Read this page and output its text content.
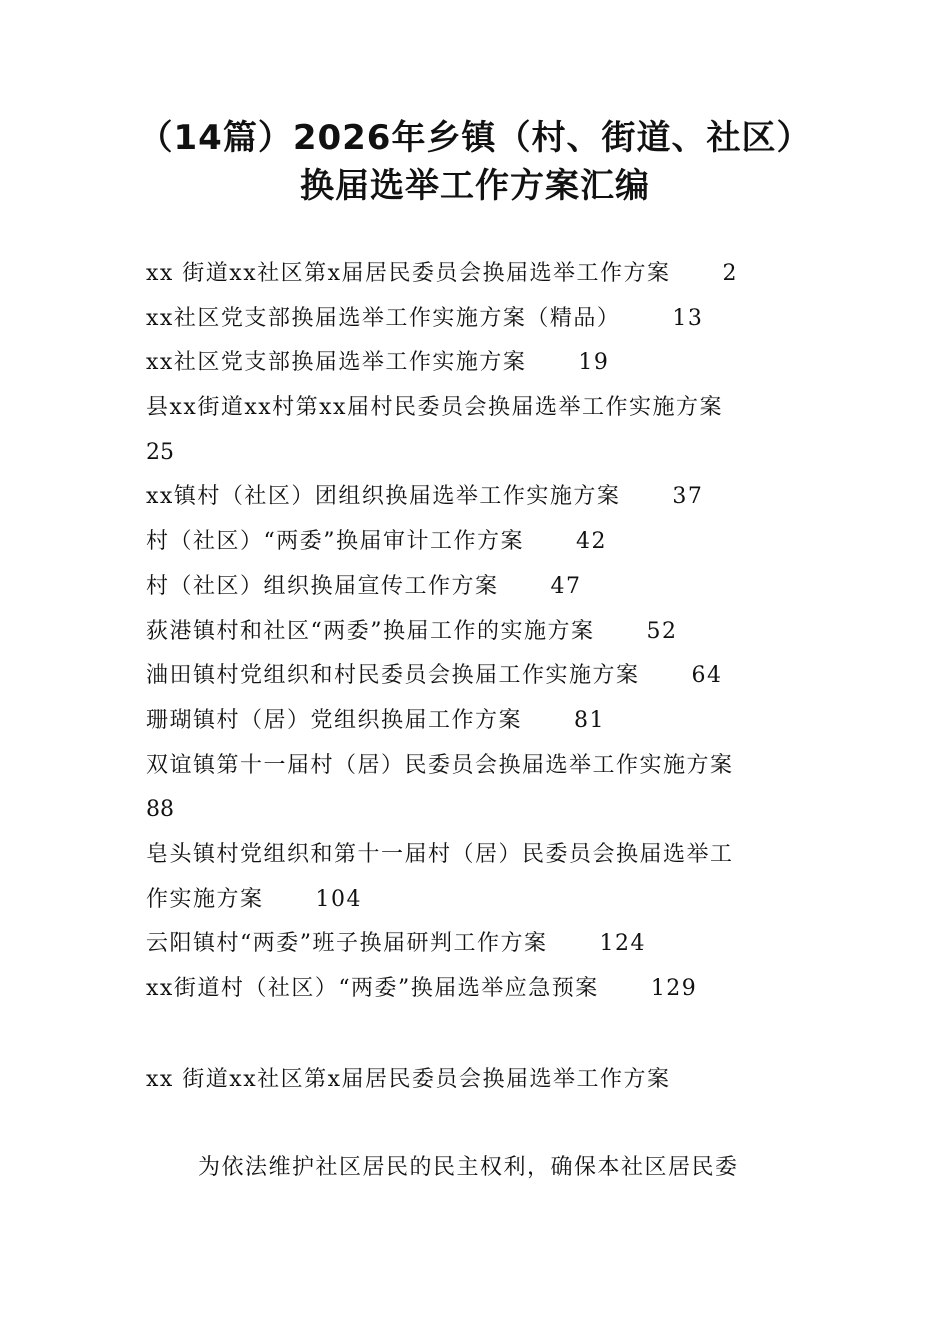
（14篇）2026年乡镇（村、街道、社区）
换届选举工作方案汇编
xx 街道xx社区第x届居民委员会换届选举工作方案 2
xx社区党支部换届选举工作实施方案（精品） 13
xx社区党支部换届选举工作实施方案 19
县xx街道xx村第xx届村民委员会换届选举工作实施方案
25
xx镇村（社区）团组织换届选举工作实施方案 37
村（社区）“两委”换届审计工作方案 42
村（社区）组织换届宣传工作方案 47
荻港镇村和社区“两委”换届工作的实施方案 52
浀田镇村党组织和村民委员会换届工作实施方案 64
珊瑚镇村（居）党组织换届工作方案 81
双谊镇第十一届村（居）民委员会换届选举工作实施方案
88
皂头镇村党组织和第十一届村（居）民委员会换届选举工
作实施方案 104
云阳镇村“两委”班子换届研判工作方案 124
xx街道村（社区）“两委”换届选举应急预案 129
xx 街道xx社区第x届居民委员会换届选举工作方案
为依法维护社区居民的民主权利，确保本社区居民委
